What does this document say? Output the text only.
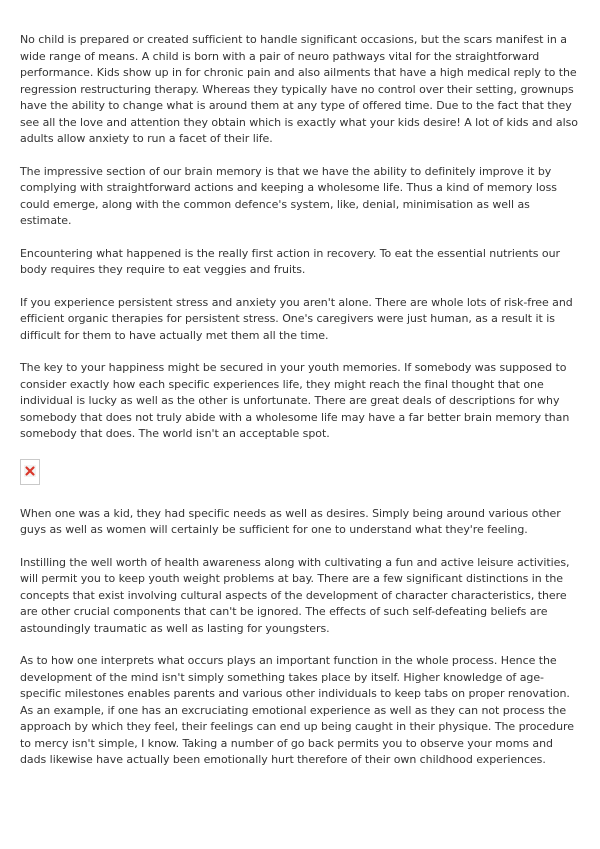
No child is prepared or created sufficient to handle significant occasions, but the scars manifest in a wide range of means. A child is born with a pair of neuro pathways vital for the straightforward performance. Kids show up in for chronic pain and also ailments that have a high medical reply to the regression restructuring therapy. Whereas they typically have no control over their setting, grownups have the ability to change what is around them at any type of offered time. Due to the fact that they see all the love and attention they obtain which is exactly what your kids desire! A lot of kids and also adults allow anxiety to run a facet of their life.

The impressive section of our brain memory is that we have the ability to definitely improve it by complying with straightforward actions and keeping a wholesome life. Thus a kind of memory loss could emerge, along with the common defence's system, like, denial, minimisation as well as estimate.

Encountering what happened is the really first action in recovery. To eat the essential nutrients our body requires they require to eat veggies and fruits.

If you experience persistent stress and anxiety you aren't alone. There are whole lots of risk-free and efficient organic therapies for persistent stress. One's caregivers were just human, as a result it is difficult for them to have actually met them all the time.

The key to your happiness might be secured in your youth memories. If somebody was supposed to consider exactly how each specific experiences life, they might reach the final thought that one individual is lucky as well as the other is unfortunate. There are great deals of descriptions for why somebody that does not truly abide with a wholesome life may have a far better brain memory than somebody that does. The world isn't an acceptable spot.

When one was a kid, they had specific needs as well as desires. Simply being around various other guys as well as women will certainly be sufficient for one to understand what they're feeling.

Instilling the well worth of health awareness along with cultivating a fun and active leisure activities, will permit you to keep youth weight problems at bay. There are a few significant distinctions in the concepts that exist involving cultural aspects of the development of character characteristics, there are other crucial components that can't be ignored. The effects of such self-defeating beliefs are astoundingly traumatic as well as lasting for youngsters.

As to how one interprets what occurs plays an important function in the whole process. Hence the development of the mind isn't simply something takes place by itself. Higher knowledge of age-specific milestones enables parents and various other individuals to keep tabs on proper renovation. As an example, if one has an excruciating emotional experience as well as they can not process the approach by which they feel, their feelings can end up being caught in their physique. The procedure to mercy isn't simple, I know. Taking a number of go back permits you to observe your moms and dads likewise have actually been emotionally hurt therefore of their own childhood experiences.
